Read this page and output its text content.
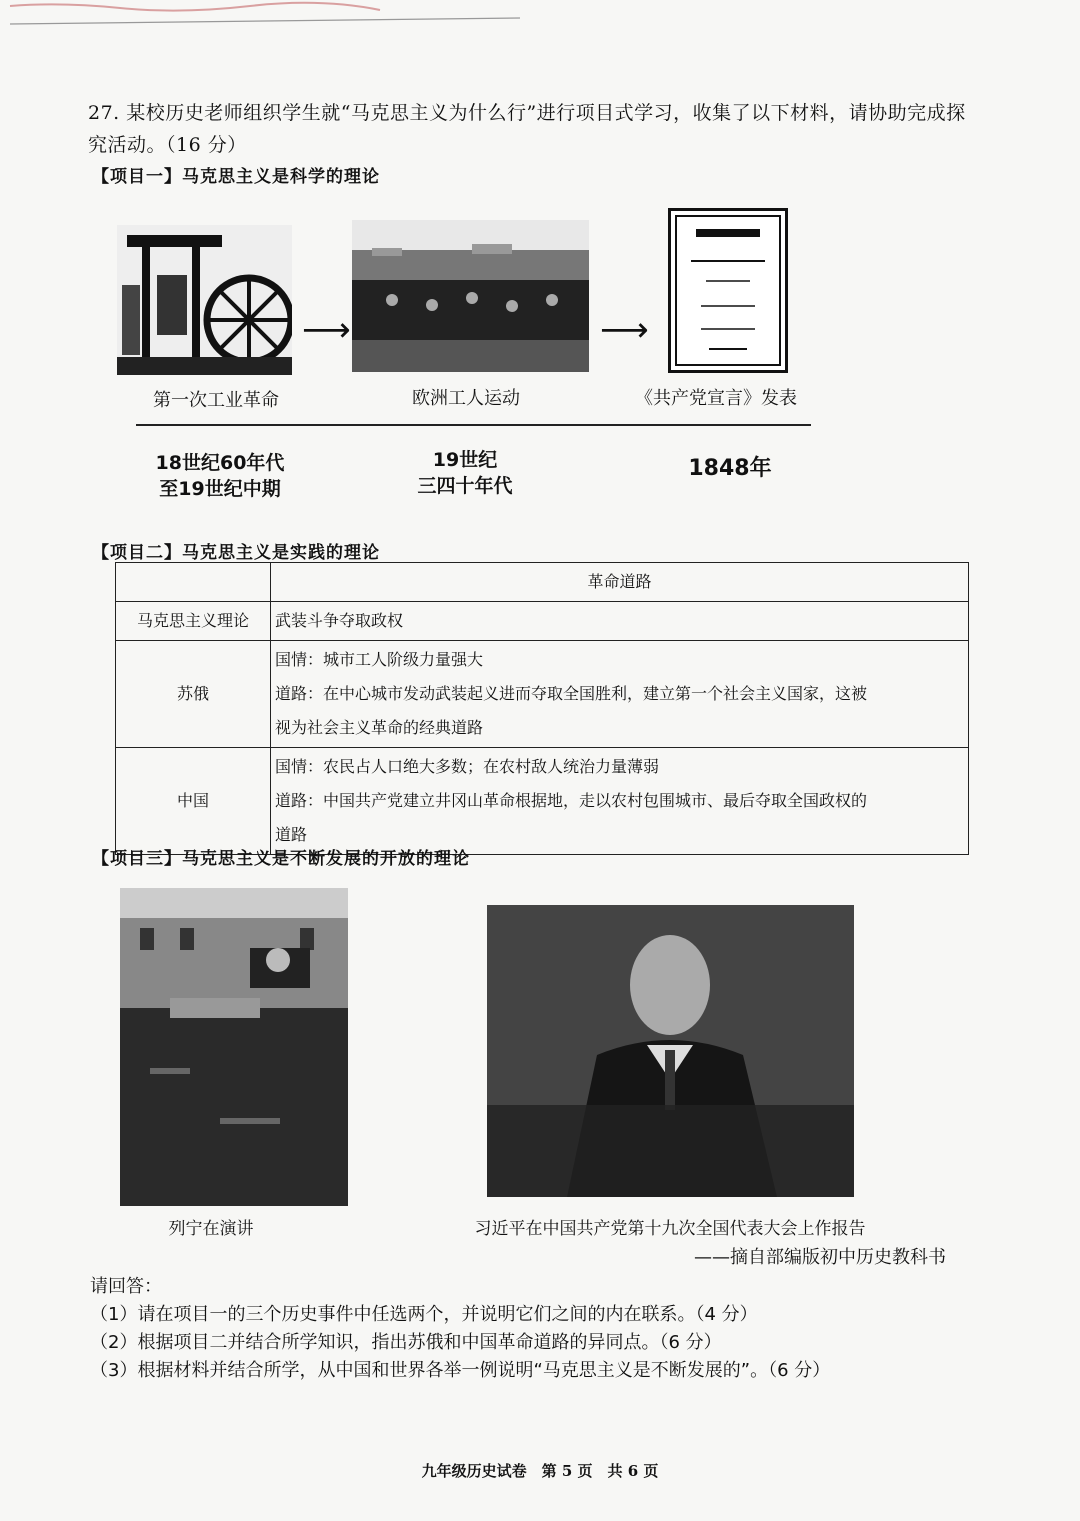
27. 某校历史老师组织学生就“马克思主义为什么行”进行项目式学习，收集了以下材料，请协助完成探
究活动。（16 分）
【项目一】马克思主义是科学的理论
⟶	⟶
第一次工业革命	欧洲工人运动	《共产党宣言》发表
18世纪60年代
至19世纪中期
19世纪
三四十年代
1848年
【项目二】马克思主义是实践的理论
	革命道路
马克思主义理论	武装斗争夺取政权

苏俄	国情：城市工人阶级力量强大
道路：在中心城市发动武装起义进而夺取全国胜利，建立第一个社会主义国家，这被
视为社会主义革命的经典道路

中国	国情：农民占人口绝大多数；在农村敌人统治力量薄弱
道路：中国共产党建立井冈山革命根据地，走以农村包围城市、最后夺取全国政权的
道路
【项目三】马克思主义是不断发展的开放的理论
列宁在演讲	习近平在中国共产党第十九次全国代表大会上作报告
——摘自部编版初中历史教科书
请回答：
（1）请在项目一的三个历史事件中任选两个，并说明它们之间的内在联系。（4 分）
（2）根据项目二并结合所学知识，指出苏俄和中国革命道路的异同点。（6 分）
（3）根据材料并结合所学，从中国和世界各举一例说明“马克思主义是不断发展的”。（6 分）
九年级历史试卷　第 5 页　共 6 页
